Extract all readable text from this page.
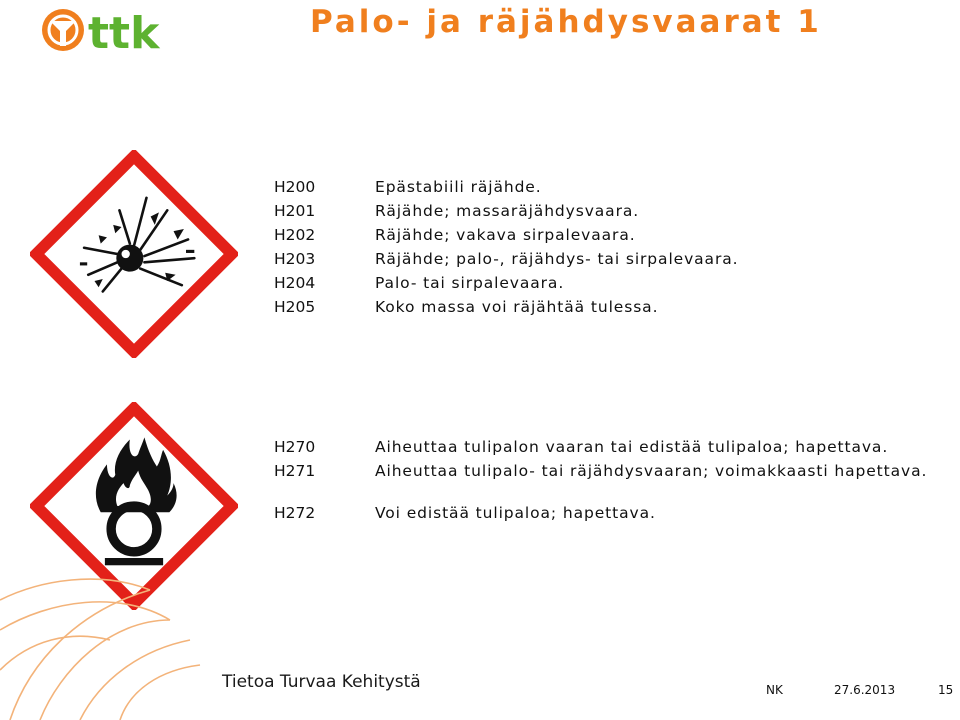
ttk	Palo- ja räjähdysvaarat 1
H200	Epästabiili räjähde.
H201	Räjähde; massaräjähdysvaara.
H202	Räjähde; vakava sirpalevaara.
H203	Räjähde; palo-, räjähdys- tai sirpalevaara.
H204	Palo- tai sirpalevaara.
H205	Koko massa voi räjähtää tulessa.
H270	Aiheuttaa tulipalon vaaran tai edistää tulipaloa; hapettava.
H271	Aiheuttaa tulipalo- tai räjähdysvaaran; voimakkaasti hapettava.
H272	Voi edistää tulipaloa; hapettava.
Tietoa Turvaa Kehitystä	NK	27.6.2013	15
